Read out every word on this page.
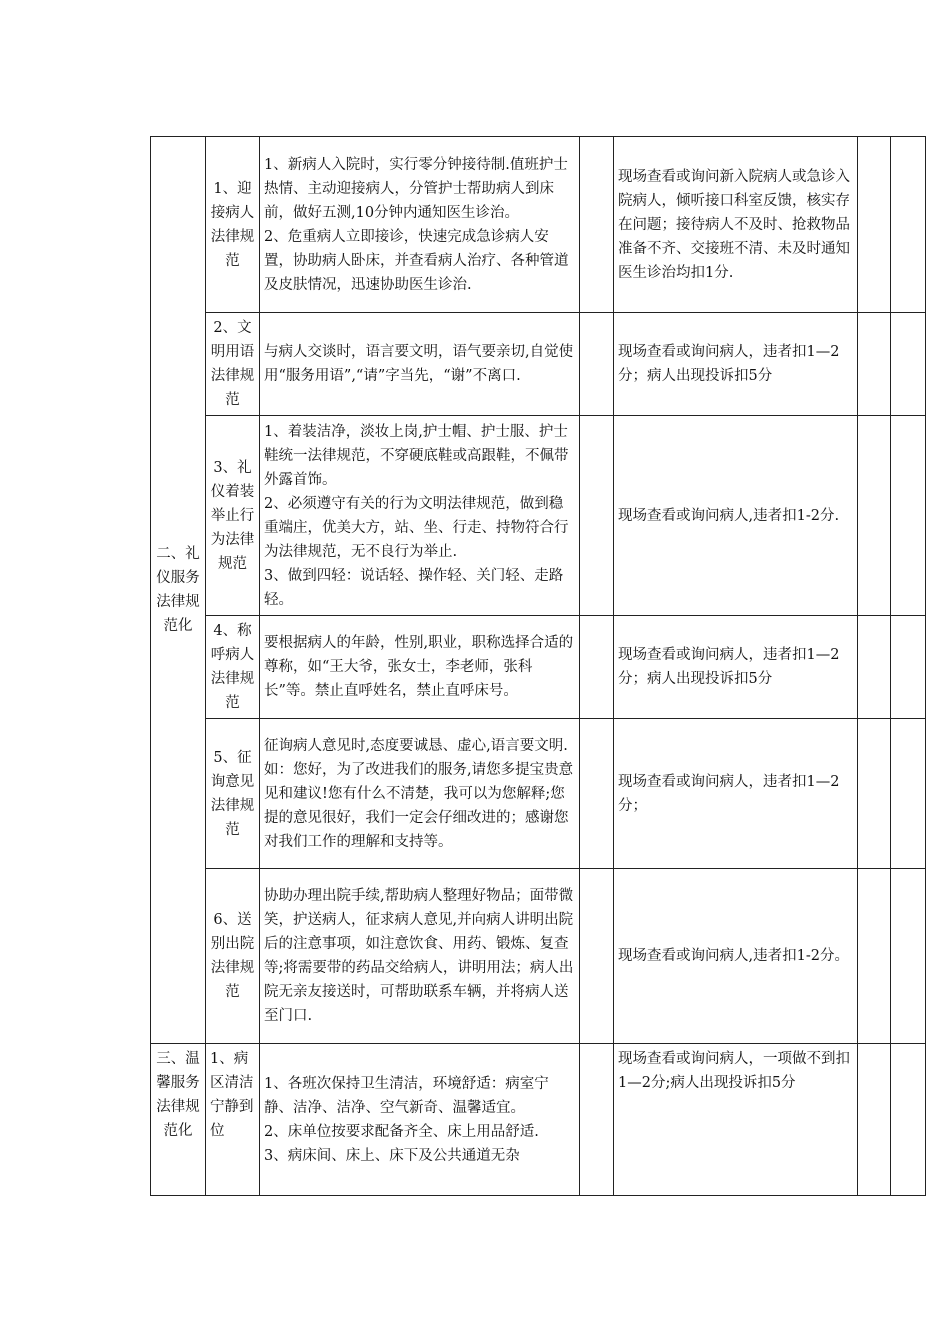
二、礼仪服务法律规范化	1、迎接病人法律规范	1、新病人入院时，实行零分钟接待制.值班护士热情、主动迎接病人，分管护士帮助病人到床前，做好五测,10分钟内通知医生诊治。
2、危重病人立即接诊，快速完成急诊病人安置，协助病人卧床，并查看病人治疗、各种管道及皮肤情况，迅速协助医生诊治.		现场查看或询问新入院病人或急诊入院病人，倾听接口科室反馈，核实存在问题；接待病人不及时、抢救物品准备不齐、交接班不清、未及时通知医生诊治均扣1分.		
	2、文明用语法律规范	与病人交谈时，语言要文明，语气要亲切,自觉使用“服务用语”,“请”字当先，“谢”不离口.		现场查看或询问病人，违者扣1—2分；病人出现投诉扣5分		
	3、礼仪着装举止行为法律规范	1、着装洁净，淡妆上岗,护士帽、护士服、护士鞋统一法律规范，不穿硬底鞋或高跟鞋，不佩带外露首饰。
2、必须遵守有关的行为文明法律规范，做到稳重端庄，优美大方，站、坐、行走、持物符合行为法律规范，无不良行为举止.
3、做到四轻：说话轻、操作轻、关门轻、走路轻。		现场查看或询问病人,违者扣1-2分.		
	4、称呼病人法律规范	要根据病人的年龄，性别,职业，职称选择合适的尊称，如“王大爷，张女士，李老师，张科长”等。禁止直呼姓名，禁止直呼床号。		现场查看或询问病人，违者扣1—2分；病人出现投诉扣5分		
	5、征询意见法律规范	征询病人意见时,态度要诚恳、虚心,语言要文明.如：您好，为了改进我们的服务,请您多提宝贵意见和建议!您有什么不清楚，我可以为您解释;您提的意见很好，我们一定会仔细改进的；感谢您对我们工作的理解和支持等。		现场查看或询问病人，违者扣1—2分；		
	6、送别出院法律规范	协助办理出院手续,帮助病人整理好物品；面带微笑，护送病人，征求病人意见,并向病人讲明出院后的注意事项，如注意饮食、用药、锻炼、复查等;将需要带的药品交给病人，讲明用法；病人出院无亲友接送时，可帮助联系车辆，并将病人送至门口.		现场查看或询问病人,违者扣1-2分。		
三、温馨服务法律规范化	1、病区清洁宁静到位	1、各班次保持卫生清洁，环境舒适：病室宁静、洁净、洁净、空气新奇、温馨适宜。
2、床单位按要求配备齐全、床上用品舒适.
3、病床间、床上、床下及公共通道无杂		现场查看或询问病人，一项做不到扣1—2分;病人出现投诉扣5分		
